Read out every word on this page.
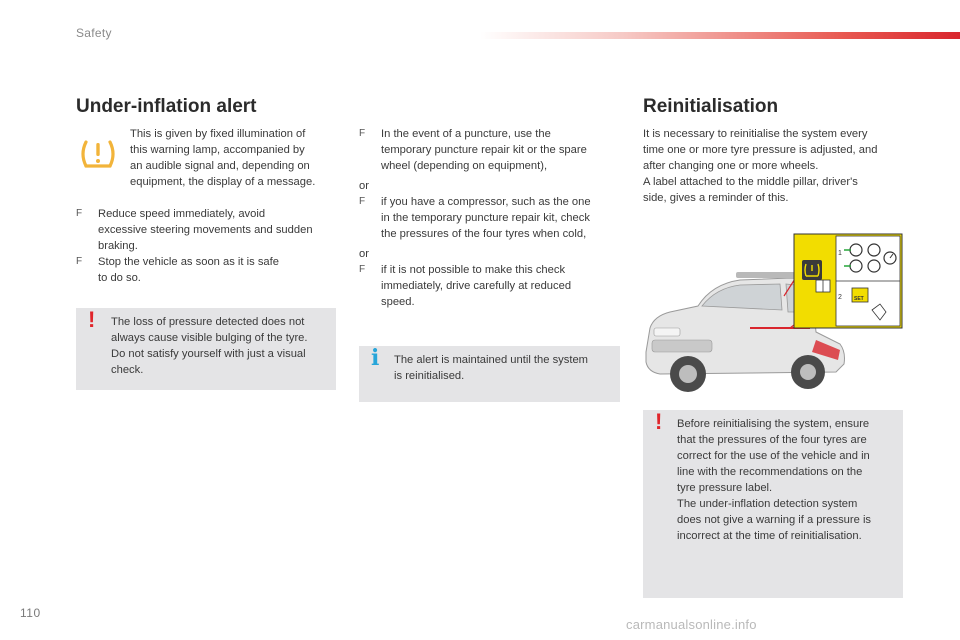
Safety
Under-inflation alert
This is given by fixed illumination of
this warning lamp, accompanied by
an audible signal and, depending on
equipment, the display of a message.
F Reduce speed immediately, avoid
excessive steering movements and sudden
braking.
F Stop the vehicle as soon as it is safe
to do so.
! The loss of pressure detected does not
always cause visible bulging of the tyre.
Do not satisfy yourself with just a visual
check.
F In the event of a puncture, use the
temporary puncture repair kit or the spare
wheel (depending on equipment),
or
F if you have a compressor, such as the one
in the temporary puncture repair kit, check
the pressures of the four tyres when cold,
or
F if it is not possible to make this check
immediately, drive carefully at reduced
speed.
i The alert is maintained until the system
is reinitialised.
Reinitialisation
It is necessary to reinitialise the system every
time one or more tyre pressure is adjusted, and
after changing one or more wheels.
A label attached to the middle pillar, driver's
side, gives a reminder of this.
1
2 SET
! Before reinitialising the system, ensure
that the pressures of the four tyres are
correct for the use of the vehicle and in
line with the recommendations on the
tyre pressure label.
The under-inflation detection system
does not give a warning if a pressure is
incorrect at the time of reinitialisation.
110
carmanualsonline.info
